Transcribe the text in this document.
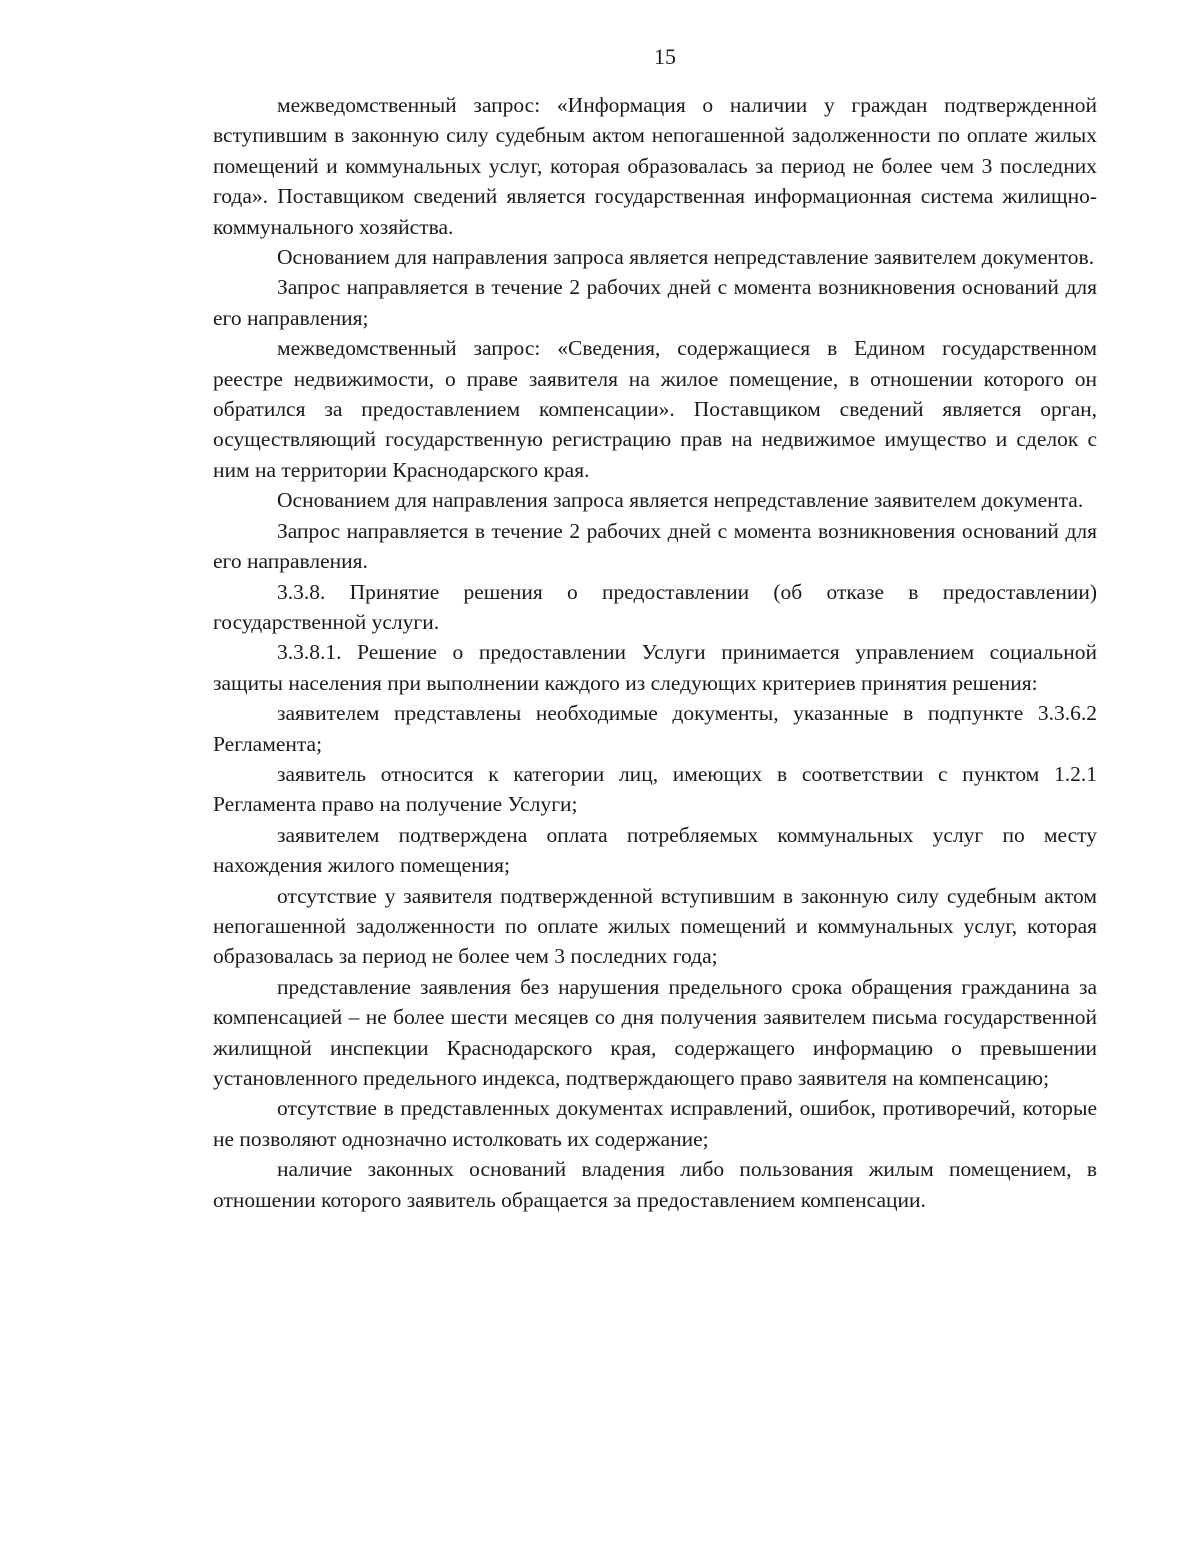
15

межведомственный запрос: «Информация о наличии у граждан подтвержденной вступившим в законную силу судебным актом непогашенной задолженности по оплате жилых помещений и коммунальных услуг, которая образовалась за период не более чем 3 последних года». Поставщиком сведений является государственная информационная система жилищно-коммунального хозяйства.

Основанием для направления запроса является непредставление заявителем документов.

Запрос направляется в течение 2 рабочих дней с момента возникновения оснований для его направления;

межведомственный запрос: «Сведения, содержащиеся в Едином государственном реестре недвижимости, о праве заявителя на жилое помещение, в отношении которого он обратился за предоставлением компенсации». Поставщиком сведений является орган, осуществляющий государственную регистрацию прав на недвижимое имущество и сделок с ним на территории Краснодарского края.

Основанием для направления запроса является непредставление заявителем документа.

Запрос направляется в течение 2 рабочих дней с момента возникновения оснований для его направления.

3.3.8. Принятие решения о предоставлении (об отказе в предоставлении) государственной услуги.

3.3.8.1. Решение о предоставлении Услуги принимается управлением социальной защиты населения при выполнении каждого из следующих критериев принятия решения:

заявителем представлены необходимые документы, указанные в подпункте 3.3.6.2 Регламента;

заявитель относится к категории лиц, имеющих в соответствии с пунктом 1.2.1 Регламента право на получение Услуги;

заявителем подтверждена оплата потребляемых коммунальных услуг по месту нахождения жилого помещения;

отсутствие у заявителя подтвержденной вступившим в законную силу судебным актом непогашенной задолженности по оплате жилых помещений и коммунальных услуг, которая образовалась за период не более чем 3 последних года;

представление заявления без нарушения предельного срока обращения гражданина за компенсацией – не более шести месяцев со дня получения заявителем письма государственной жилищной инспекции Краснодарского края, содержащего информацию о превышении установленного предельного индекса, подтверждающего право заявителя на компенсацию;

отсутствие в представленных документах исправлений, ошибок, противоречий, которые не позволяют однозначно истолковать их содержание;

наличие законных оснований владения либо пользования жилым помещением, в отношении которого заявитель обращается за предоставлением компенсации.
